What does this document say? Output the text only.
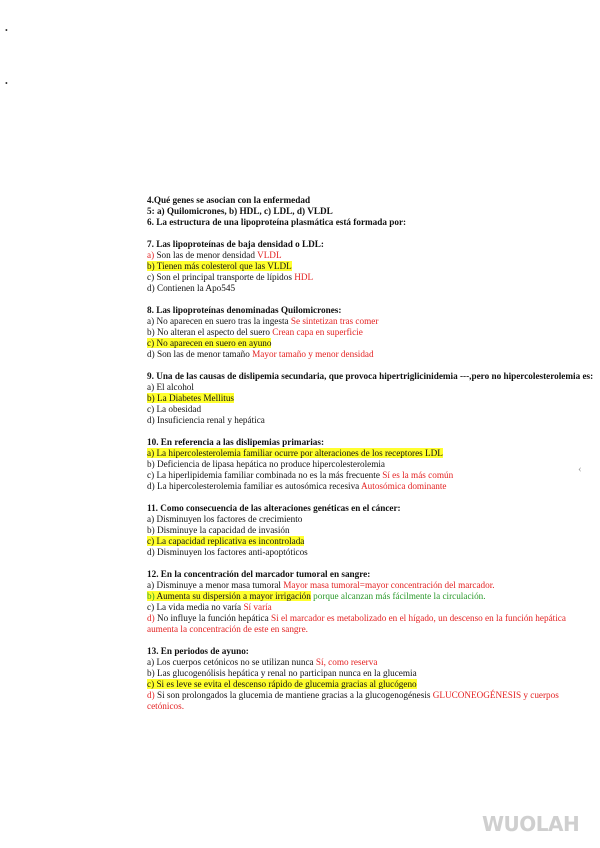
•
•
‹
4.Qué genes se asocian con la enfermedad
5: a) Quilomicrones, b) HDL, c) LDL, d) VLDL
6. La estructura de una lipoproteína plasmática está formada por:
7. Las lipoproteínas de baja densidad o LDL:
a) Son las de menor densidad VLDL
b) Tienen más colesterol que las VLDL
c) Son el principal transporte de lípidos HDL
d) Contienen la Apo545
8. Las lipoproteínas denominadas Quilomicrones:
a) No aparecen en suero tras la ingesta Se sintetizan tras comer
b) No alteran el aspecto del suero Crean capa en superficie
c) No aparecen en suero en ayuno
d) Son las de menor tamaño Mayor tamaño y menor densidad
9. Una de las causas de dislipemia secundaria, que provoca hipertriglicinidemia ---,pero no hipercolesterolemia es:
a) El alcohol
b) La Diabetes Mellitus
c) La obesidad
d) Insuficiencia renal y hepática
10. En referencia a las dislipemias primarias:
a) La hipercolesterolemia familiar ocurre por alteraciones de los receptores LDL
b) Deficiencia de lipasa hepática no produce hipercolesterolemia
c) La hiperlipidemia familiar combinada no es la más frecuente Sí es la más común
d) La hipercolesterolemia familiar es autosómica recesiva Autosómica dominante
11. Como consecuencia de las alteraciones genéticas en el cáncer:
a) Disminuyen los factores de crecimiento
b) Disminuye la capacidad de invasión
c) La capacidad replicativa es incontrolada
d) Disminuyen los factores anti-apoptóticos
12. En la concentración del marcador tumoral en sangre:
a) Disminuye a menor masa tumoral Mayor masa tumoral=mayor concentración del marcador.
b) Aumenta su dispersión a mayor irrigación porque alcanzan más fácilmente la circulación.
c) La vida media no varía Sí varía
d) No influye la función hepática Si el marcador es metabolizado en el hígado, un descenso en la función hepática aumenta la concentración de este en sangre.
13. En periodos de ayuno:
a) Los cuerpos cetónicos no se utilizan nunca Sí, como reserva
b) Las glucogenólisis hepática y renal no participan nunca en la glucemia
c) Si es leve se evita el descenso rápido de glucemia gracias al glucógeno
d) Si son prolongados la glucemia de mantiene gracias a la glucogenogénesis GLUCONEOGÉNESIS y cuerpos cetónicos.
WUOLAH
